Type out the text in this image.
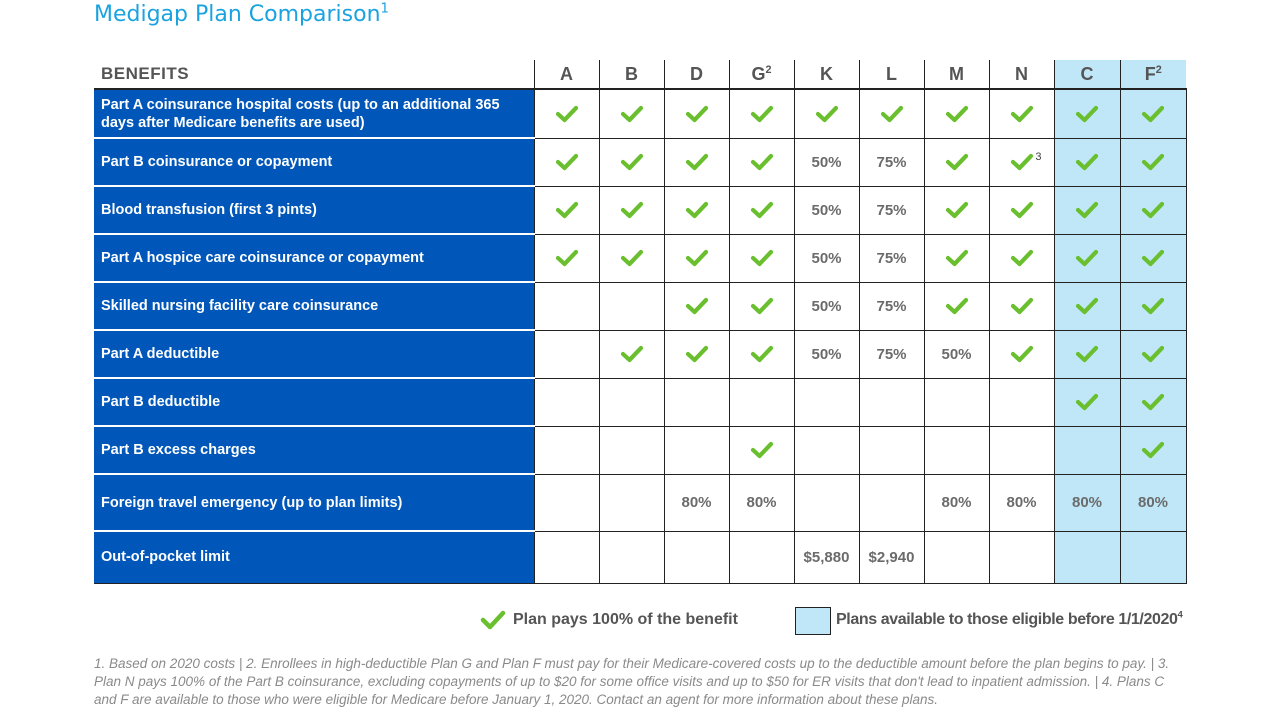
Medigap Plan Comparison$^1$
BENEFITS	A	B	D	$G^2$	K	L	M	N	C	$F^2$
Part A coinsurance hospital costs (up to an additional 365 days after Medicare benefits are used)										
Part B coinsurance or copayment					50%	75%		3

Blood transfusion (first 3 pints)					50%	75%				
Part A hospice care coinsurance or copayment					50%	75%				
Skilled nursing facility care coinsurance					50%	75%				
Part A deductible					50%	75%	50%			
Part B deductible										
Part B excess charges										
Foreign travel emergency (up to plan limits)			80%	80%			80%	80%	80%	80%
Out-of-pocket limit					$5,880	$2,940				
Plan pays 100% of the benefit	Plans available to those eligible before 1/1/2020$^4$
1. Based on 2020 costs | 2. Enrollees in high-deductible Plan G and Plan F must pay for their Medicare-covered costs up to the deductible amount before the plan begins to pay. | 3. Plan N pays 100% of the Part B coinsurance, excluding copayments of up to $20 for some office visits and up to $50 for ER visits that don't lead to inpatient admission. | 4. Plans C and F are available to those who were eligible for Medicare before January 1, 2020. Contact an agent for more information about these plans.
